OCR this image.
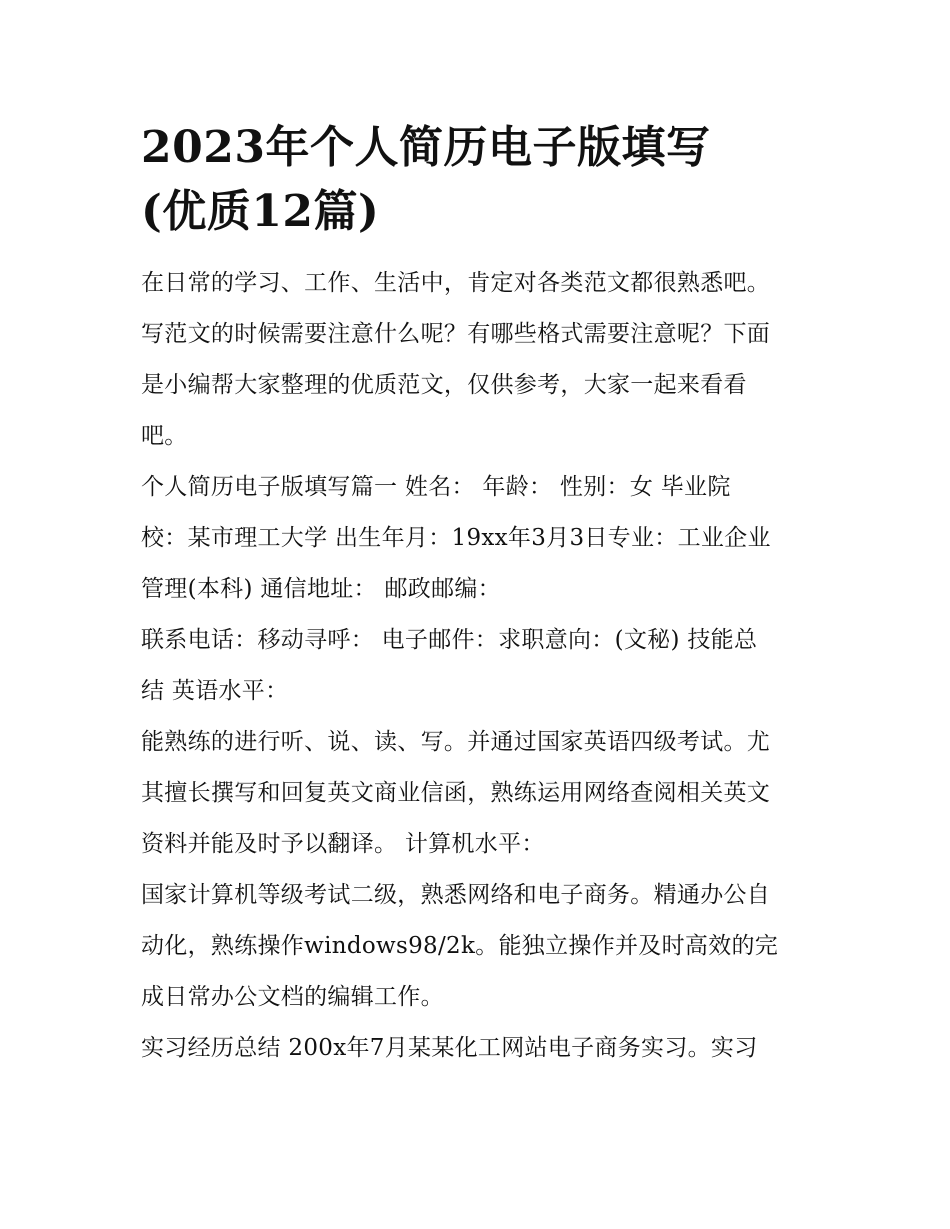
2023年个人简历电子版填写
(优质12篇)

在日常的学习、工作、生活中，肯定对各类范文都很熟悉吧。
写范文的时候需要注意什么呢？有哪些格式需要注意呢？下面
是小编帮大家整理的优质范文，仅供参考，大家一起来看看
吧。

个人简历电子版填写篇一 姓名： 年龄： 性别：女 毕业院
校：某市理工大学 出生年月：19xx年3月3日专业：工业企业
管理(本科) 通信地址： 邮政邮编：

联系电话：移动寻呼： 电子邮件：求职意向：(文秘) 技能总
结 英语水平：

能熟练的进行听、说、读、写。并通过国家英语四级考试。尤
其擅长撰写和回复英文商业信函，熟练运用网络查阅相关英文
资料并能及时予以翻译。 计算机水平：

国家计算机等级考试二级，熟悉网络和电子商务。精通办公自
动化，熟练操作windows98/2k。能独立操作并及时高效的完
成日常办公文档的编辑工作。

实习经历总结 200x年7月某某化工网站电子商务实习。实习
